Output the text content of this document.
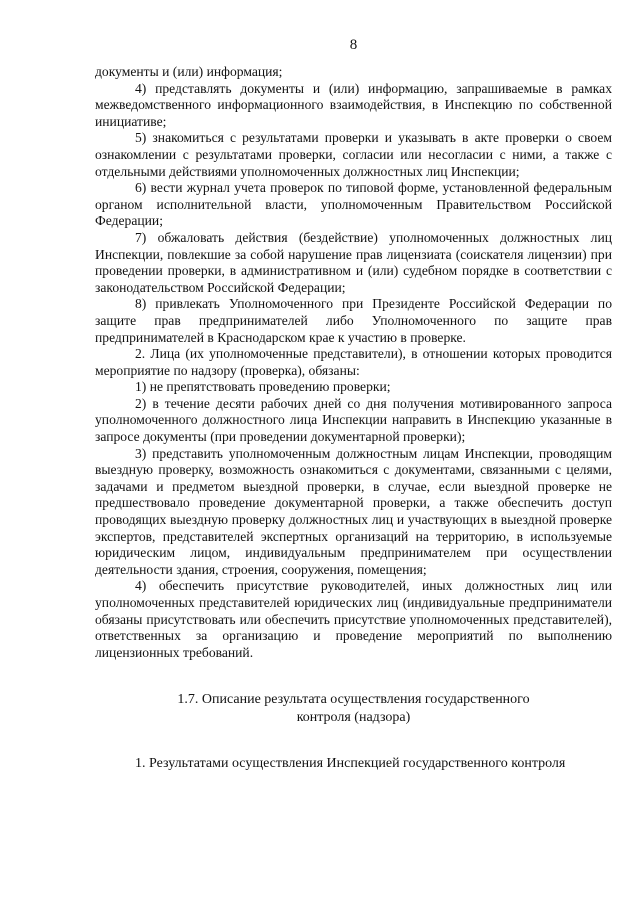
8

документы и (или) информация;

4) представлять документы и (или) информацию, запрашиваемые в рамках межведомственного информационного взаимодействия, в Инспекцию по собственной инициативе;

5) знакомиться с результатами проверки и указывать в акте проверки о своем ознакомлении с результатами проверки, согласии или несогласии с ними, а также с отдельными действиями уполномоченных должностных лиц Инспекции;

6) вести журнал учета проверок по типовой форме, установленной федеральным органом исполнительной власти, уполномоченным Правительством Российской Федерации;

7) обжаловать действия (бездействие) уполномоченных должностных лиц Инспекции, повлекшие за собой нарушение прав лицензиата (соискателя лицензии) при проведении проверки, в административном и (или) судебном порядке в соответствии с законодательством Российской Федерации;

8) привлекать Уполномоченного при Президенте Российской Федерации по защите прав предпринимателей либо Уполномоченного по защите прав предпринимателей в Краснодарском крае к участию в проверке.

2. Лица (их уполномоченные представители), в отношении которых проводится мероприятие по надзору (проверка), обязаны:

1) не препятствовать проведению проверки;

2) в течение десяти рабочих дней со дня получения мотивированного запроса уполномоченного должностного лица Инспекции направить в Инспекцию указанные в запросе документы (при проведении документарной проверки);

3) представить уполномоченным должностным лицам Инспекции, проводящим выездную проверку, возможность ознакомиться с документами, связанными с целями, задачами и предметом выездной проверки, в случае, если выездной проверке не предшествовало проведение документарной проверки, а также обеспечить доступ проводящих выездную проверку должностных лиц и участвующих в выездной проверке экспертов, представителей экспертных организаций на территорию, в используемые юридическим лицом, индивидуальным предпринимателем при осуществлении деятельности здания, строения, сооружения, помещения;

4) обеспечить присутствие руководителей, иных должностных лиц или уполномоченных представителей юридических лиц (индивидуальные предприниматели обязаны присутствовать или обеспечить присутствие уполномоченных представителей), ответственных за организацию и проведение мероприятий по выполнению лицензионных требований.

1.7. Описание результата осуществления государственного
контроля (надзора)

1. Результатами осуществления Инспекцией государственного контроля
